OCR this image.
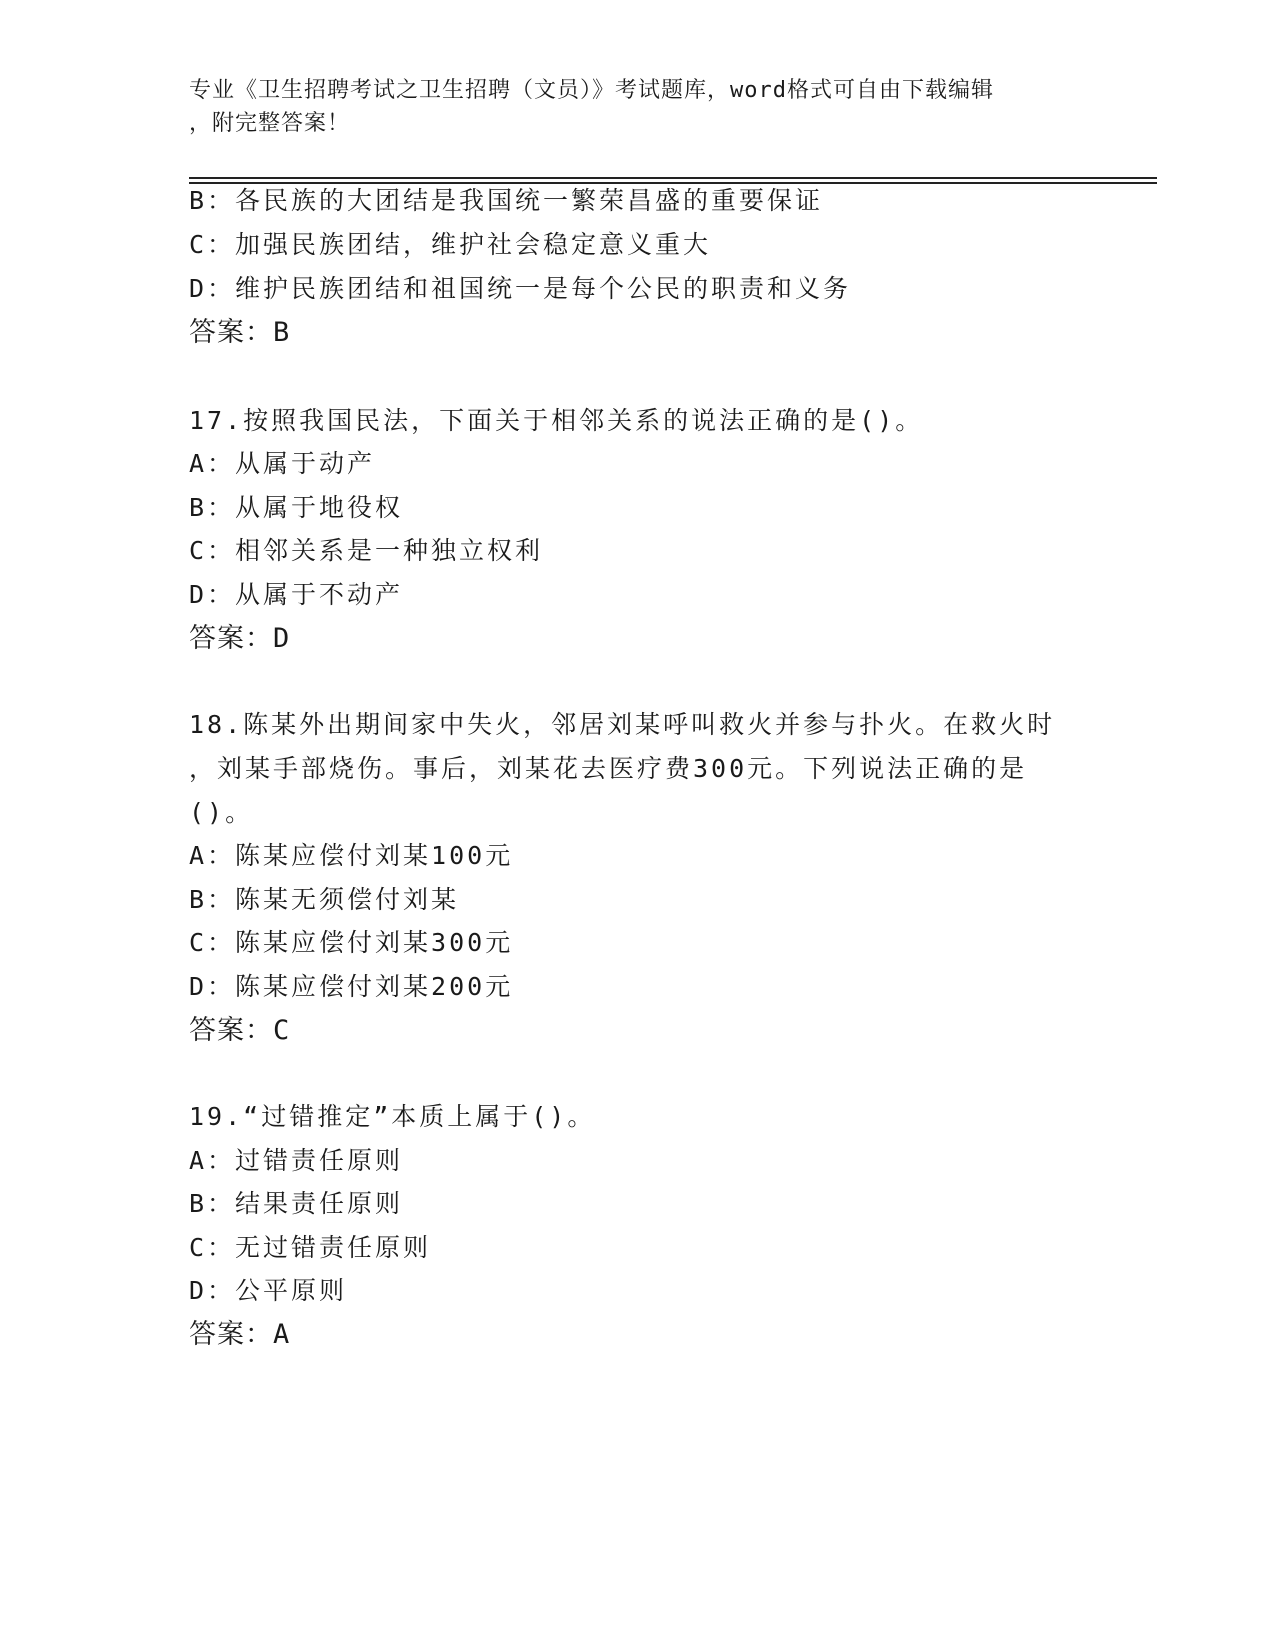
专业《卫生招聘考试之卫生招聘（文员）》考试题库，word格式可自由下载编辑
，附完整答案！
B：各民族的大团结是我国统一繁荣昌盛的重要保证
C：加强民族团结，维护社会稳定意义重大
D：维护民族团结和祖国统一是每个公民的职责和义务
答案：B
17.按照我国民法，下面关于相邻关系的说法正确的是()。
A：从属于动产
B：从属于地役权
C：相邻关系是一种独立权利
D：从属于不动产
答案：D
18.陈某外出期间家中失火，邻居刘某呼叫救火并参与扑火。在救火时
，刘某手部烧伤。事后，刘某花去医疗费300元。下列说法正确的是
()。
A：陈某应偿付刘某100元
B：陈某无须偿付刘某
C：陈某应偿付刘某300元
D：陈某应偿付刘某200元
答案：C
19.“过错推定”本质上属于()。
A：过错责任原则
B：结果责任原则
C：无过错责任原则
D：公平原则
答案：A
